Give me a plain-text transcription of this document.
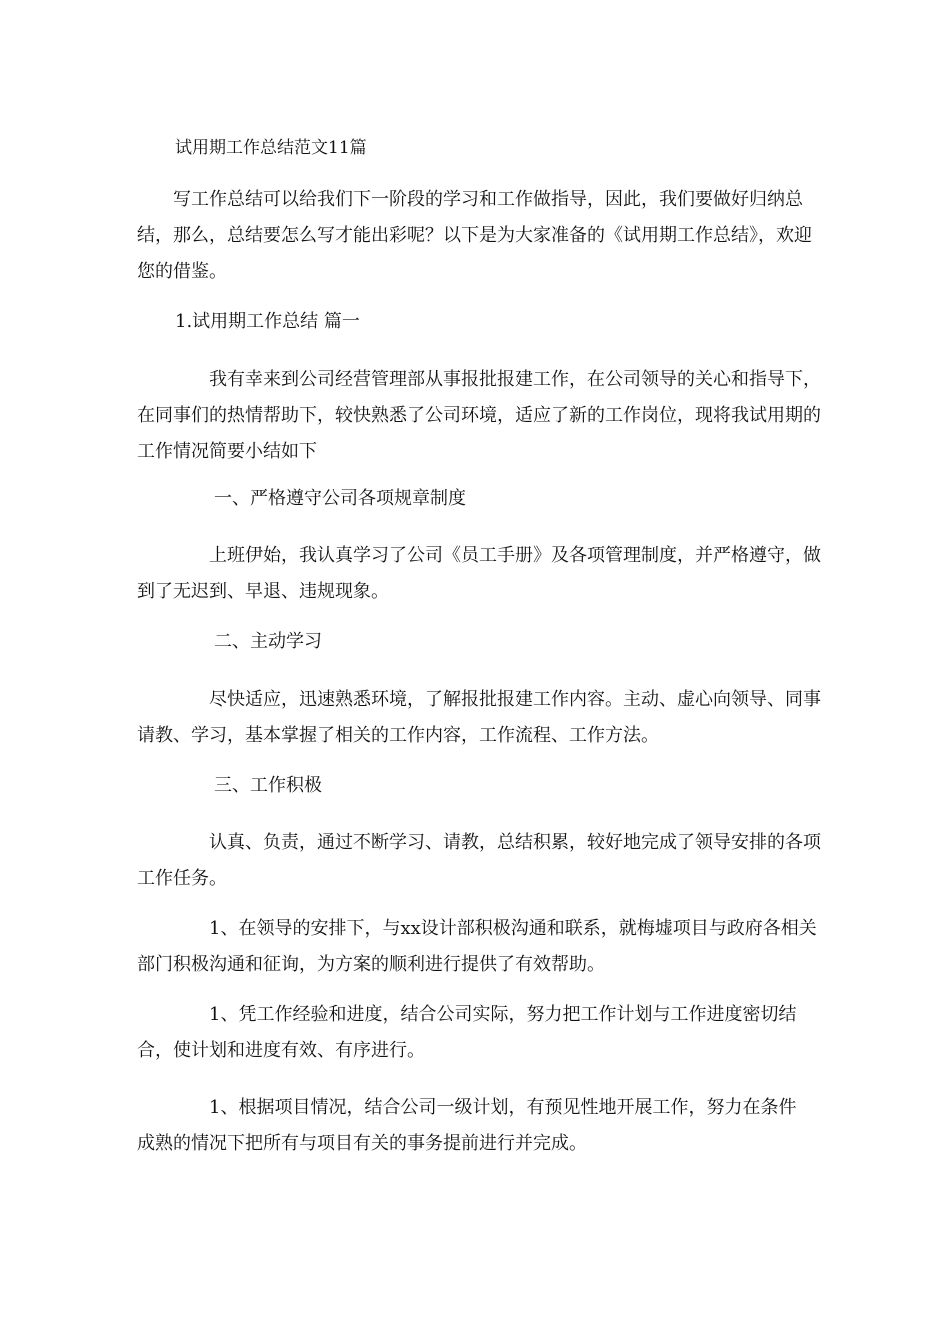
试用期工作总结范文11篇

写工作总结可以给我们下一阶段的学习和工作做指导，因此，我们要做好归纳总结，那么，总结要怎么写才能出彩呢？以下是为大家准备的《试用期工作总结》，欢迎您的借鉴。

1.试用期工作总结 篇一

我有幸来到公司经营管理部从事报批报建工作，在公司领导的关心和指导下，在同事们的热情帮助下，较快熟悉了公司环境，适应了新的工作岗位，现将我试用期的工作情况简要小结如下

一、严格遵守公司各项规章制度

上班伊始，我认真学习了公司《员工手册》及各项管理制度，并严格遵守，做到了无迟到、早退、违规现象。

二、主动学习

尽快适应，迅速熟悉环境，了解报批报建工作内容。主动、虚心向领导、同事请教、学习，基本掌握了相关的工作内容，工作流程、工作方法。

三、工作积极

认真、负责，通过不断学习、请教，总结积累，较好地完成了领导安排的各项工作任务。

1、在领导的安排下，与xx设计部积极沟通和联系，就梅墟项目与政府各相关部门积极沟通和征询，为方案的顺利进行提供了有效帮助。

1、凭工作经验和进度，结合公司实际，努力把工作计划与工作进度密切结合，使计划和进度有效、有序进行。

1、根据项目情况，结合公司一级计划，有预见性地开展工作，努力在条件成熟的情况下把所有与项目有关的事务提前进行并完成。
